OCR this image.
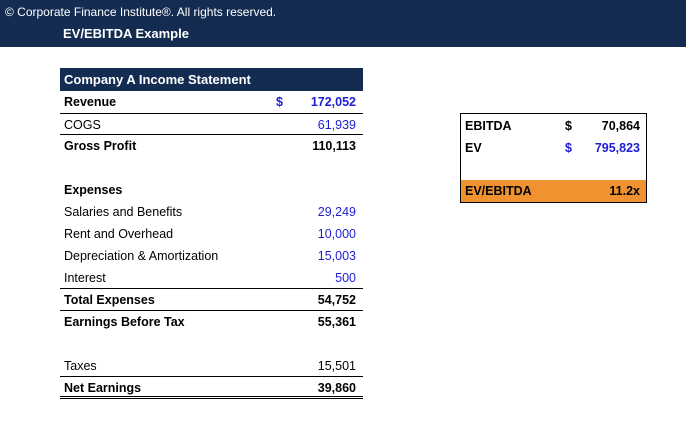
© Corporate Finance Institute®. All rights reserved.
EV/EBITDA Example
Company A Income Statement
Revenue	$ 172,052
COGS	61,939
Gross Profit	110,113
Expenses
Salaries and Benefits	29,249
Rent and Overhead	10,000
Depreciation & Amortization	15,003
Interest	500
Total Expenses	54,752
Earnings Before Tax	55,361
Taxes	15,501
Net Earnings	39,860
EBITDA	$ 70,864
EV	$ 795,823
EV/EBITDA	11.2x
